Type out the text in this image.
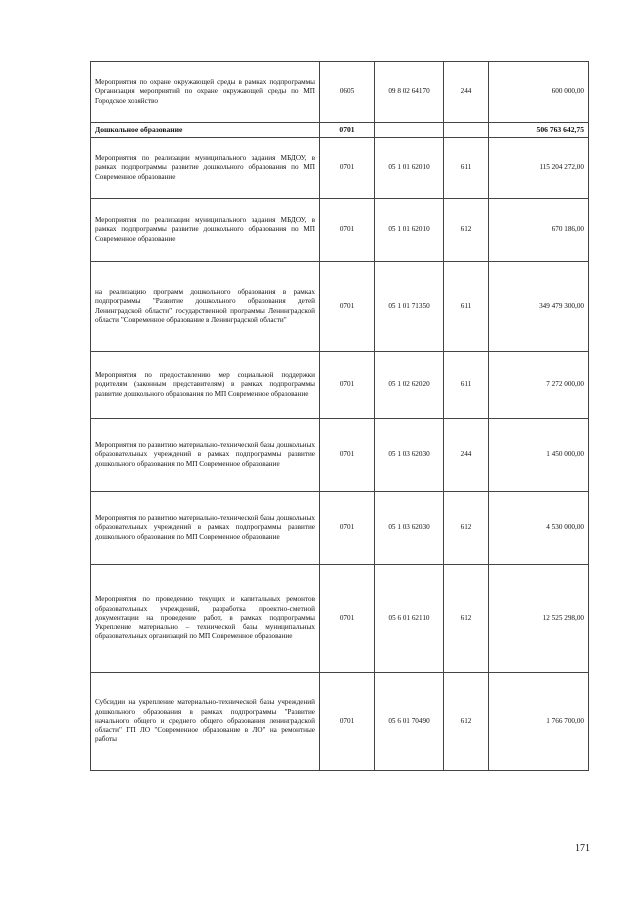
Мероприятия по охране окружающей среды в рамках подпрограммы Организация мероприятий по охране окружающей среды по МП Городское хозяйство	0605	09 8 02 64170	244	600 000,00
Дошкольное образование	0701			506 763 642,75
Мероприятия по реализации муниципального задания МБДОУ, в рамках подпрограммы развитие дошкольного образования по МП Современное образование	0701	05 1 01 62010	611	115 204 272,00
Мероприятия по реализации муниципального задания МБДОУ, в рамках подпрограммы развитие дошкольного образования по МП Современное образование	0701	05 1 01 62010	612	670 186,00
на реализацию программ дошкольного образования в рамках подпрограммы "Развитие дошкольного образования детей Ленинградской области" государственной программы Ленинградской области "Современное образование в Ленинградской области"	0701	05 1 01 71350	611	349 479 300,00
Мероприятия по предоставлению мер социальной поддержки родителям (законным представителям) в рамках подпрограммы развитие дошкольного образования по МП Современное образование	0701	05 1 02 62020	611	7 272 000,00
Мероприятия по развитию материально-технической базы дошкольных образовательных учреждений в рамках подпрограммы развитие дошкольного образования по МП Современное образование	0701	05 1 03 62030	244	1 450 000,00
Мероприятия по развитию материально-технической базы дошкольных образовательных учреждений в рамках подпрограммы развитие дошкольного образования по МП Современное образование	0701	05 1 03 62030	612	4 530 000,00
Мероприятия по проведению текущих и капитальных ремонтов образовательных учреждений, разработка проектно-сметной документации на проведение работ, в рамках подпрограммы Укрепление материально – технической базы муниципальных образовательных организаций по МП Современное образование	0701	05 6 01 62110	612	12 525 298,00
Субсидии на укрепление материально-технической базы учреждений дошкольного образования в рамках подпрограммы "Развитие начального общего и среднего общего образования ленинградской области" ГП ЛО "Современное образование в ЛО" на ремонтные работы	0701	05 6 01 70490	612	1 766 700,00
171
